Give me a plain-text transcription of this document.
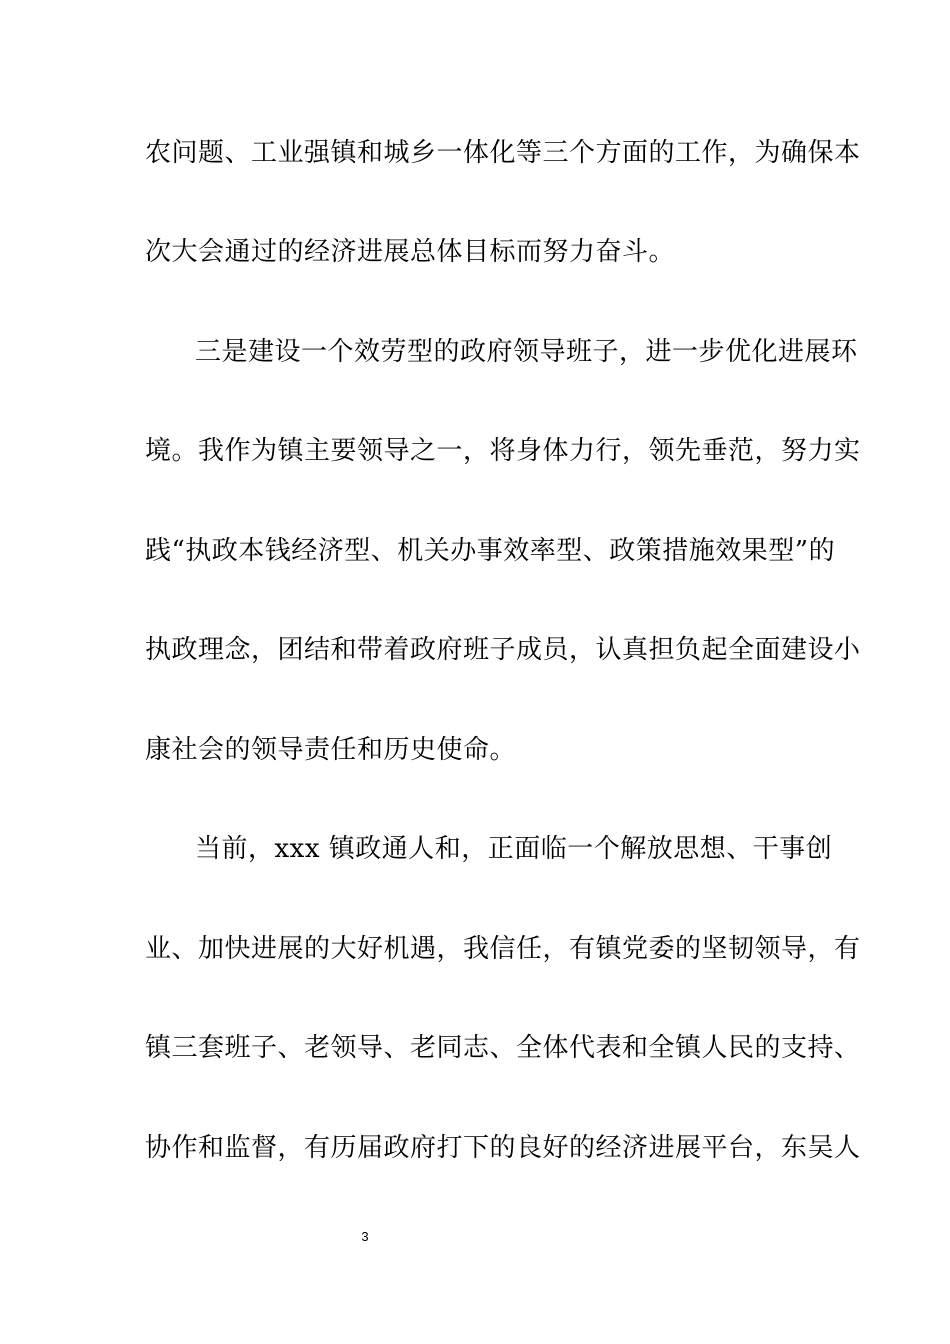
农问题、工业强镇和城乡一体化等三个方面的工作，为确保本
次大会通过的经济进展总体目标而努力奋斗。
三是建设一个效劳型的政府领导班子，进一步优化进展环
境。我作为镇主要领导之一，将身体力行，领先垂范，努力实
践“执政本钱经济型、机关办事效率型、政策措施效果型”的
执政理念，团结和带着政府班子成员，认真担负起全面建设小
康社会的领导责任和历史使命。
当前，xxx 镇政通人和，正面临一个解放思想、干事创
业、加快进展的大好机遇，我信任，有镇党委的坚韧领导，有
镇三套班子、老领导、老同志、全体代表和全镇人民的支持、
协作和监督，有历届政府打下的良好的经济进展平台，东吴人
3
